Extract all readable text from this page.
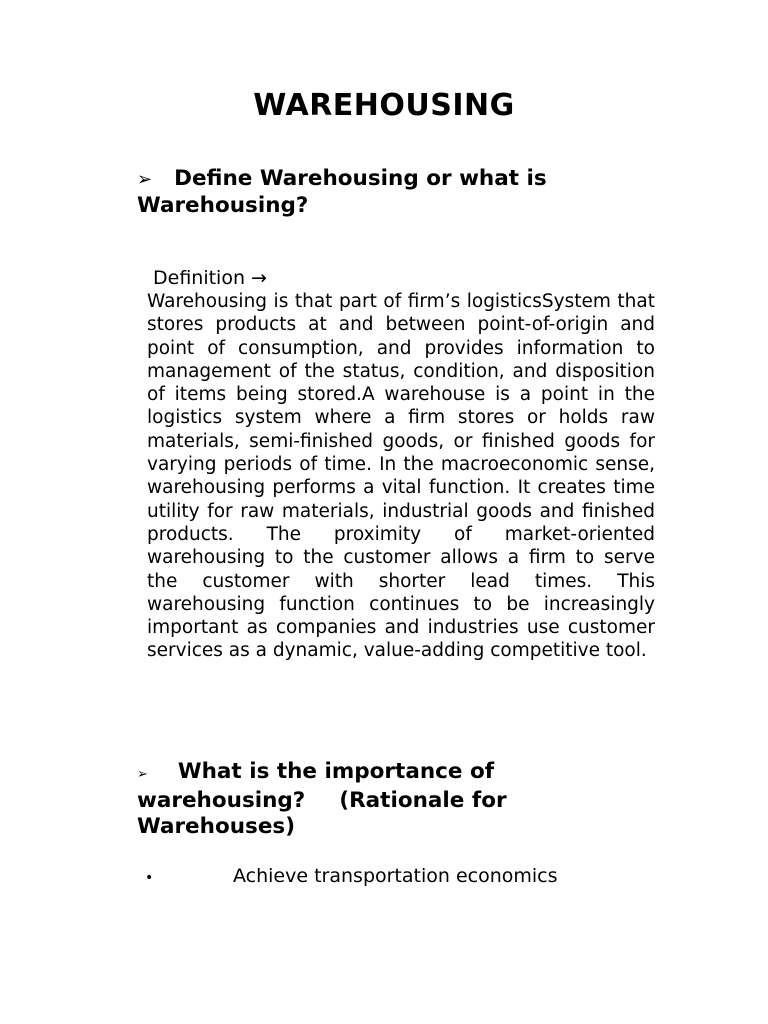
WAREHOUSING
➢ Define Warehousing or what is Warehousing?
Definition →

Warehousing is that part of firm’s logisticsSystem that stores products at and between point-of-origin and point of consumption, and provides information to management of the status, condition, and disposition of items being stored.A warehouse is a point in the logistics system where a firm stores or holds raw materials, semi-finished goods, or finished goods for varying periods of time. In the macroeconomic sense, warehousing performs a vital function. It creates time utility for raw materials, industrial goods and finished products. The proximity of market-oriented warehousing to the customer allows a firm to serve the customer with shorter lead times. This warehousing function continues to be increasingly important as companies and industries use customer services as a dynamic, value-adding competitive tool.

➢ What is the importance of warehousing? (Rationale for Warehouses)
•	Achieve transportation economics
